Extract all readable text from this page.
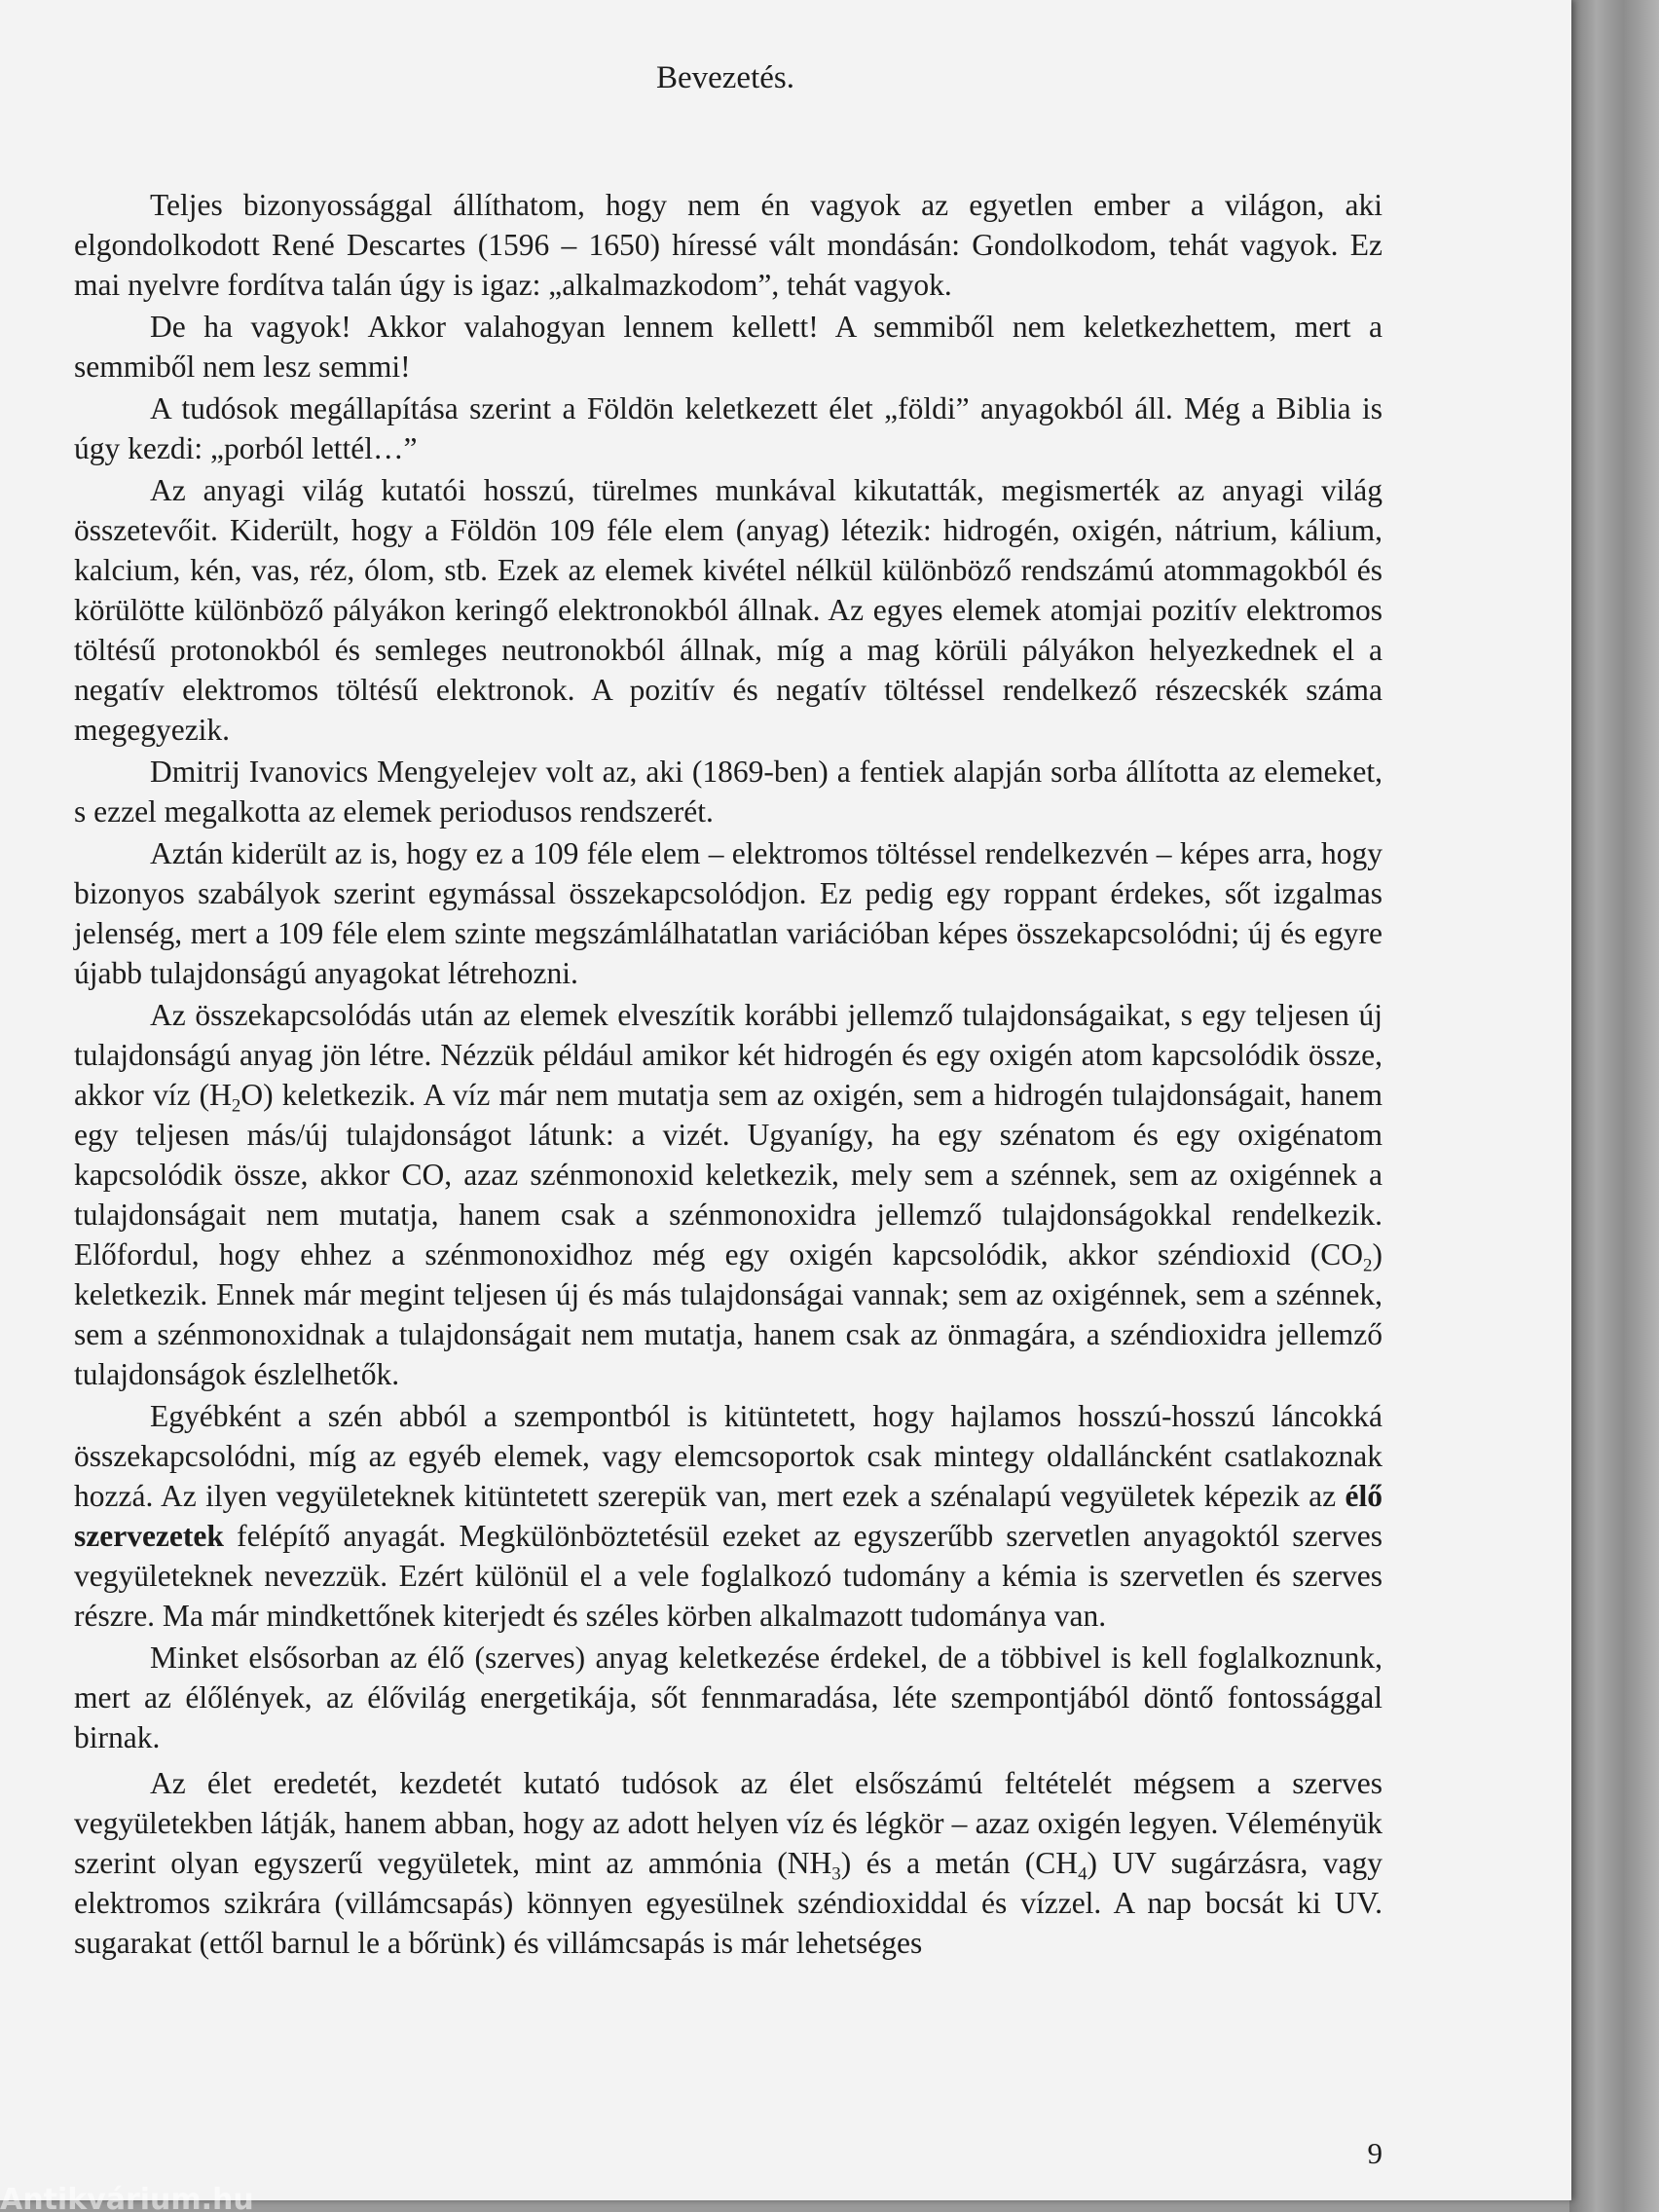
Bevezetés.

Teljes bizonyossággal állíthatom, hogy nem én vagyok az egyetlen ember a világon, aki elgondolkodott René Descartes (1596 – 1650) híressé vált mondásán: Gondolkodom, tehát vagyok. Ez mai nyelvre fordítva talán úgy is igaz: „alkalmazkodom”, tehát vagyok.

De ha vagyok! Akkor valahogyan lennem kellett! A semmiből nem keletkezhettem, mert a semmiből nem lesz semmi!

A tudósok megállapítása szerint a Földön keletkezett élet „földi” anyagokból áll. Még a Biblia is úgy kezdi: „porból lettél…”

Az anyagi világ kutatói hosszú, türelmes munkával kikutatták, megismerték az anyagi világ összetevőit. Kiderült, hogy a Földön 109 féle elem (anyag) létezik: hidrogén, oxigén, nátrium, kálium, kalcium, kén, vas, réz, ólom, stb. Ezek az elemek kivétel nélkül különböző rendszámú atommagokból és körülötte különböző pályákon keringő elektronokból állnak. Az egyes elemek atomjai pozitív elektromos töltésű protonokból és semleges neutronokból állnak, míg a mag körüli pályákon helyezkednek el a negatív elektromos töltésű elektronok. A pozitív és negatív töltéssel rendelkező részecskék száma megegyezik.

Dmitrij Ivanovics Mengyelejev volt az, aki (1869-ben) a fentiek alapján sorba állította az elemeket, s ezzel megalkotta az elemek periodusos rendszerét.

Aztán kiderült az is, hogy ez a 109 féle elem – elektromos töltéssel rendelkezvén – képes arra, hogy bizonyos szabályok szerint egymással összekapcsolódjon. Ez pedig egy roppant érdekes, sőt izgalmas jelenség, mert a 109 féle elem szinte megszámlálhatatlan variációban képes összekapcsolódni; új és egyre újabb tulajdonságú anyagokat létrehozni.

Az összekapcsolódás után az elemek elveszítik korábbi jellemző tulajdonságaikat, s egy teljesen új tulajdonságú anyag jön létre. Nézzük például amikor két hidrogén és egy oxigén atom kapcsolódik össze, akkor víz $(H_2O)$ keletkezik. A víz már nem mutatja sem az oxigén, sem a hidrogén tulajdonságait, hanem egy teljesen más/új tulajdonságot látunk: a vizét. Ugyanígy, ha egy szénatom és egy oxigénatom kapcsolódik össze, akkor CO, azaz szénmonoxid keletkezik, mely sem a szénnek, sem az oxigénnek a tulajdonságait nem mutatja, hanem csak a szénmonoxidra jellemző tulajdonságokkal rendelkezik. Előfordul, hogy ehhez a szénmonoxidhoz még egy oxigén kapcsolódik, akkor széndioxid $(CO_2)$ keletkezik. Ennek már megint teljesen új és más tulajdonságai vannak; sem az oxigénnek, sem a szénnek, sem a szénmonoxidnak a tulajdonságait nem mutatja, hanem csak az önmagára, a széndioxidra jellemző tulajdonságok észlelhetők.

Egyébként a szén abból a szempontból is kitüntetett, hogy hajlamos hosszú-hosszú láncokká összekapcsolódni, míg az egyéb elemek, vagy elemcsoportok csak mintegy oldalláncként csatlakoznak hozzá. Az ilyen vegyületeknek kitüntetett szerepük van, mert ezek a szénalapú vegyületek képezik az élő szervezetek felépítő anyagát. Megkülönböztetésül ezeket az egyszerűbb szervetlen anyagoktól szerves vegyületeknek nevezzük. Ezért különül el a vele foglalkozó tudomány a kémia is szervetlen és szerves részre. Ma már mindkettőnek kiterjedt és széles körben alkalmazott tudománya van.

Minket elsősorban az élő (szerves) anyag keletkezése érdekel, de a többivel is kell foglalkoznunk, mert az élőlények, az élővilág energetikája, sőt fennmaradása, léte szempontjából döntő fontossággal birnak.

Az élet eredetét, kezdetét kutató tudósok az élet elsőszámú feltételét mégsem a szerves vegyületekben látják, hanem abban, hogy az adott helyen víz és légkör – azaz oxigén legyen. Véleményük szerint olyan egyszerű vegyületek, mint az ammónia $(NH_3)$ és a metán $(CH_4)$ UV sugárzásra, vagy elektromos szikrára (villámcsapás) könnyen egyesülnek széndioxiddal és vízzel. A nap bocsát ki UV. sugarakat (ettől barnul le a bőrünk) és villámcsapás is már lehetséges

9
Antikvárium.hu
